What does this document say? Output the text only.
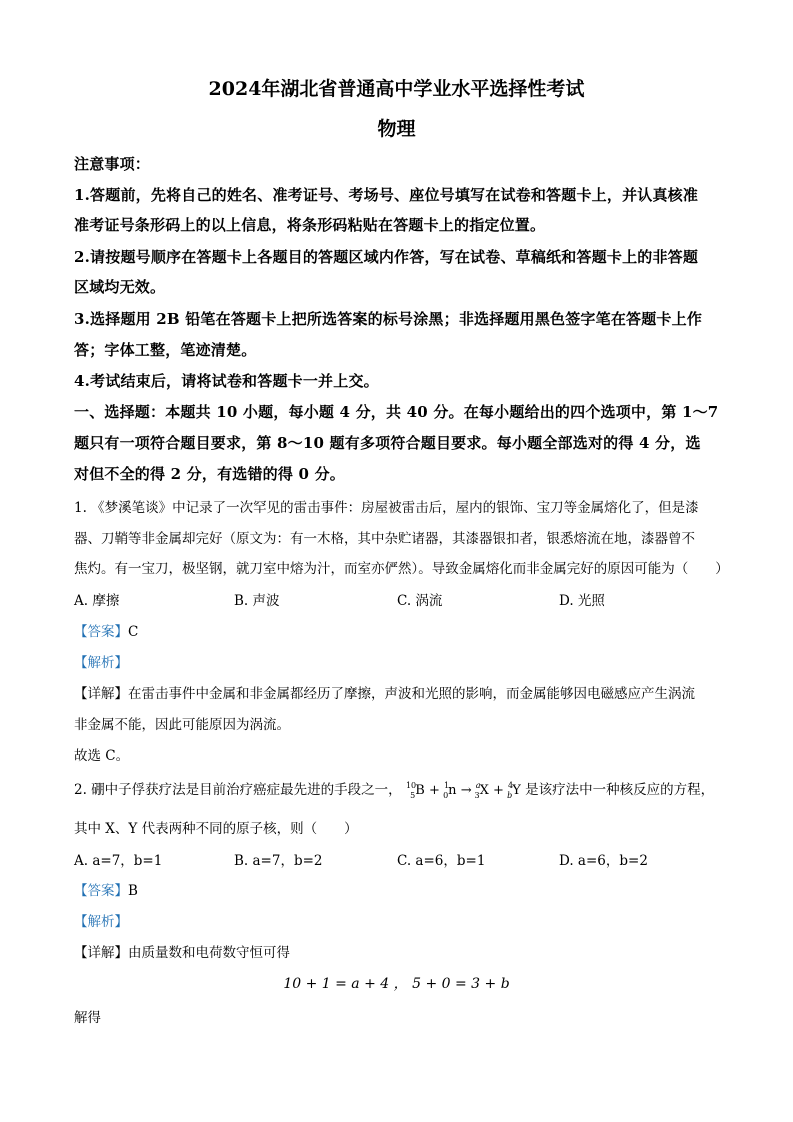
2024年湖北省普通高中学业水平选择性考试
物理
注意事项：
1.答题前，先将自己的姓名、准考证号、考场号、座位号填写在试卷和答题卡上，并认真核准
准考证号条形码上的以上信息，将条形码粘贴在答题卡上的指定位置。
2.请按题号顺序在答题卡上各题目的答题区域内作答，写在试卷、草稿纸和答题卡上的非答题
区域均无效。
3.选择题用 2B 铅笔在答题卡上把所选答案的标号涂黑；非选择题用黑色签字笔在答题卡上作
答；字体工整，笔迹清楚。
4.考试结束后，请将试卷和答题卡一并上交。
一、选择题：本题共 10 小题，每小题 4 分，共 40 分。在每小题给出的四个选项中，第 1～7
题只有一项符合题目要求，第 8～10 题有多项符合题目要求。每小题全部选对的得 4 分，选
对但不全的得 2 分，有选错的得 0 分。
1. 《梦溪笔谈》中记录了一次罕见的雷击事件：房屋被雷击后，屋内的银饰、宝刀等金属熔化了，但是漆
器、刀鞘等非金属却完好（原文为：有一木格，其中杂贮诸器，其漆器银扣者，银悉熔流在地，漆器曾不
焦灼。有一宝刀，极坚钢，就刀室中熔为汁，而室亦俨然）。导致金属熔化而非金属完好的原因可能为（　　）
A. 摩擦	B. 声波	C. 涡流	D. 光照
【答案】C
【解析】
【详解】在雷击事件中金属和非金属都经历了摩擦，声波和光照的影响，而金属能够因电磁感应产生涡流
非金属不能，因此可能原因为涡流。
故选 C。
2. 硼中子俘获疗法是目前治疗癌症最先进的手段之一， $^{10}_5$B + $^1_0$n → $^a_3$X + $^4_b$Y 是该疗法中一种核反应的方程，
其中 X、Y 代表两种不同的原子核，则（　　）
A. a=7，b=1	B. a=7，b=2	C. a=6，b=1	D. a=6，b=2
【答案】B
【解析】
【详解】由质量数和电荷数守恒可得
10 + 1 = a + 4 ， 5 + 0 = 3 + b
解得
